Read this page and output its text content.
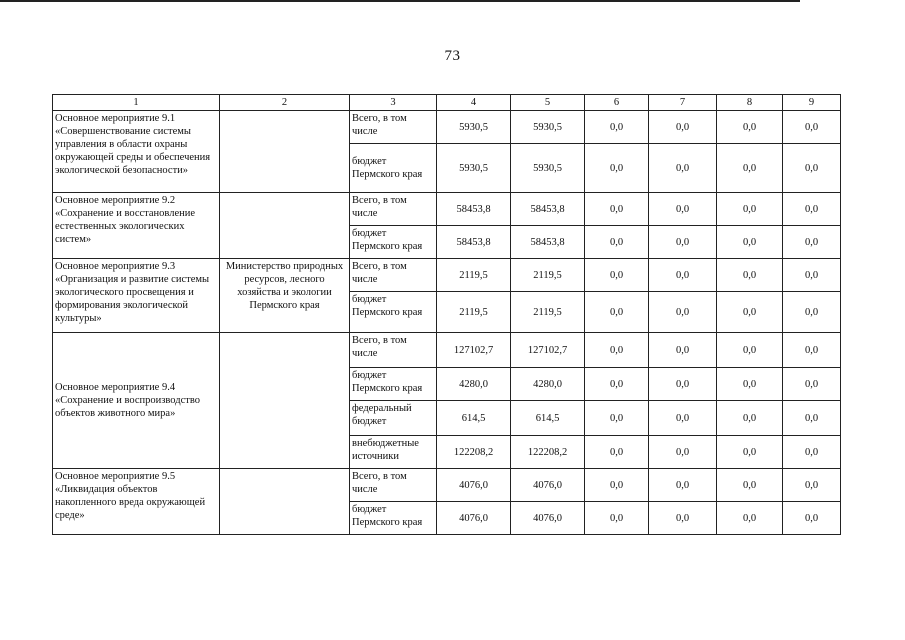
73
1	2	3	4	5	6	7	8	9
Основное мероприятие 9.1 «Совершенствование системы управления в области охраны окружающей среды и обеспечения экологической безопасности»		Всего, в том числе	5930,5	5930,5	0,0	0,0	0,0	0,0
		бюджет Пермского края	5930,5	5930,5	0,0	0,0	0,0	0,0
Основное мероприятие 9.2 «Сохранение и восстановление естественных экологических систем»		Всего, в том числе	58453,8	58453,8	0,0	0,0	0,0	0,0
		бюджет Пермского края	58453,8	58453,8	0,0	0,0	0,0	0,0
Основное мероприятие 9.3 «Организация и развитие системы экологического просвещения и формирования экологической культуры»	Министерство природных ресурсов, лесного хозяйства и экологии Пермского края	Всего, в том числе	2119,5	2119,5	0,0	0,0	0,0	0,0
		бюджет Пермского края	2119,5	2119,5	0,0	0,0	0,0	0,0
Основное мероприятие 9.4 «Сохранение и воспроизводство объектов животного мира»		Всего, в том числе	127102,7	127102,7	0,0	0,0	0,0	0,0
		бюджет Пермского края	4280,0	4280,0	0,0	0,0	0,0	0,0
		федеральный бюджет	614,5	614,5	0,0	0,0	0,0	0,0
		внебюджетные источники	122208,2	122208,2	0,0	0,0	0,0	0,0
Основное мероприятие 9.5 «Ликвидация объектов накопленного вреда окружающей среде»		Всего, в том числе	4076,0	4076,0	0,0	0,0	0,0	0,0
		бюджет Пермского края	4076,0	4076,0	0,0	0,0	0,0	0,0
